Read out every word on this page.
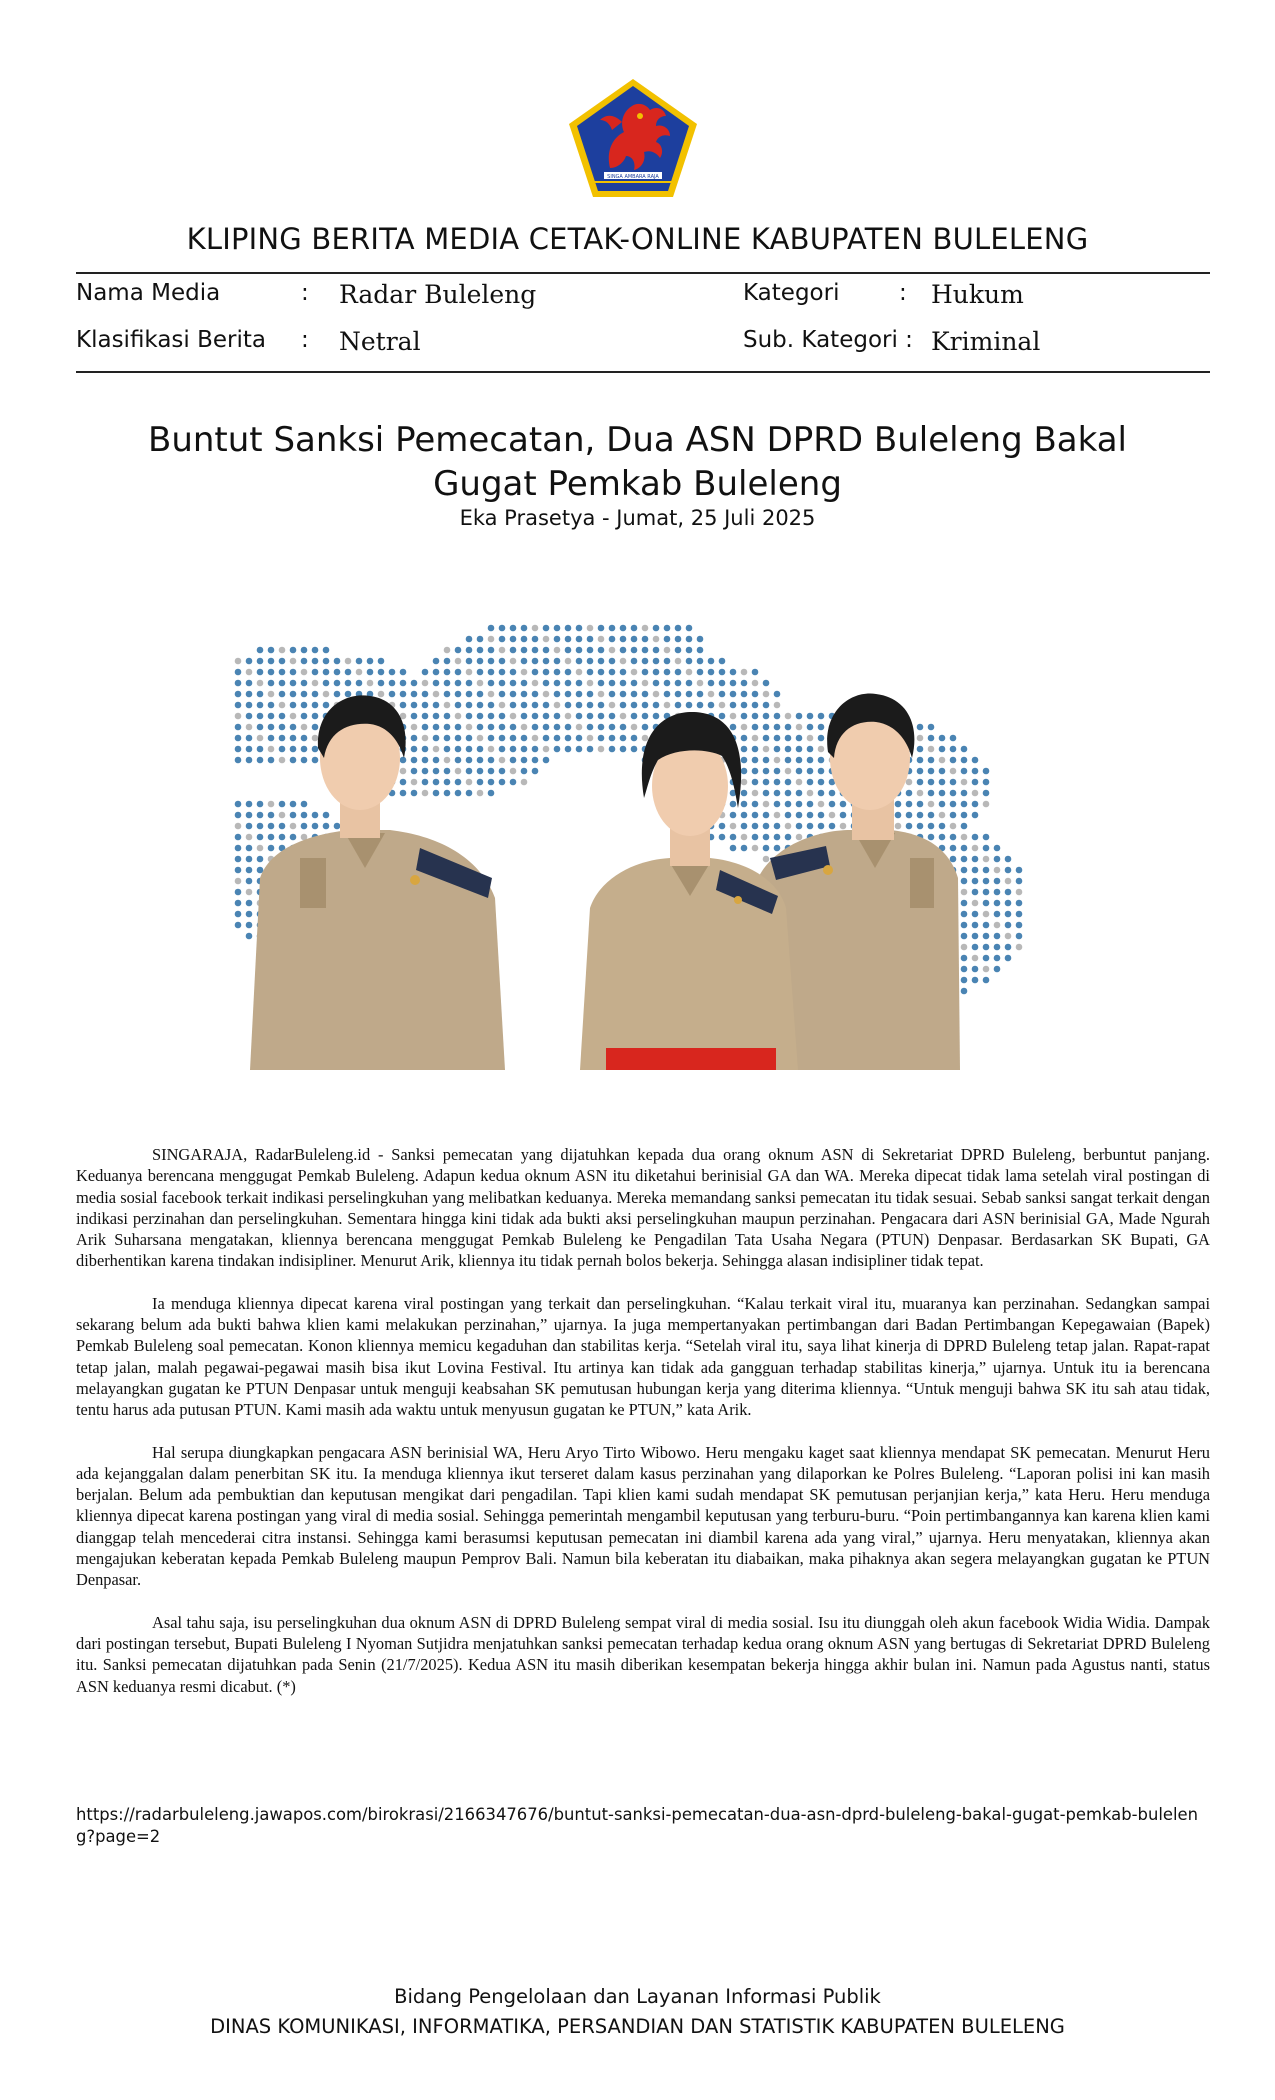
SINGA AMBARA RAJA
KLIPING BERITA MEDIA CETAK-ONLINE KABUPATEN BULELENG
Nama Media	: Radar Buleleng	Kategori	: Hukum
Klasifikasi Berita : Netral	Sub. Kategori : Kriminal
Buntut Sanksi Pemecatan, Dua ASN DPRD Buleleng Bakal
Gugat Pemkab Buleleng
Eka Prasetya - Jumat, 25 Juli 2025

SINGARAJA, RadarBuleleng.id - Sanksi pemecatan yang dijatuhkan kepada dua orang oknum ASN di Sekretariat DPRD Buleleng, berbuntut panjang. Keduanya berencana menggugat Pemkab Buleleng. Adapun kedua oknum ASN itu diketahui berinisial GA dan WA. Mereka dipecat tidak lama setelah viral postingan di media sosial facebook terkait indikasi perselingkuhan yang melibatkan keduanya. Mereka memandang sanksi pemecatan itu tidak sesuai. Sebab sanksi sangat terkait dengan indikasi perzinahan dan perselingkuhan. Sementara hingga kini tidak ada bukti aksi perselingkuhan maupun perzinahan. Pengacara dari ASN berinisial GA, Made Ngurah Arik Suharsana mengatakan, kliennya berencana menggugat Pemkab Buleleng ke Pengadilan Tata Usaha Negara (PTUN) Denpasar. Berdasarkan SK Bupati, GA diberhentikan karena tindakan indisipliner. Menurut Arik, kliennya itu tidak pernah bolos bekerja. Sehingga alasan indisipliner tidak tepat.

Ia menduga kliennya dipecat karena viral postingan yang terkait dan perselingkuhan. “Kalau terkait viral itu, muaranya kan perzinahan. Sedangkan sampai sekarang belum ada bukti bahwa klien kami melakukan perzinahan,” ujarnya. Ia juga mempertanyakan pertimbangan dari Badan Pertimbangan Kepegawaian (Bapek) Pemkab Buleleng soal pemecatan. Konon kliennya memicu kegaduhan dan stabilitas kerja. “Setelah viral itu, saya lihat kinerja di DPRD Buleleng tetap jalan. Rapat-rapat tetap jalan, malah pegawai-pegawai masih bisa ikut Lovina Festival. Itu artinya kan tidak ada gangguan terhadap stabilitas kinerja,” ujarnya. Untuk itu ia berencana melayangkan gugatan ke PTUN Denpasar untuk menguji keabsahan SK pemutusan hubungan kerja yang diterima kliennya. “Untuk menguji bahwa SK itu sah atau tidak, tentu harus ada putusan PTUN. Kami masih ada waktu untuk menyusun gugatan ke PTUN,” kata Arik.

Hal serupa diungkapkan pengacara ASN berinisial WA, Heru Aryo Tirto Wibowo. Heru mengaku kaget saat kliennya mendapat SK pemecatan. Menurut Heru ada kejanggalan dalam penerbitan SK itu. Ia menduga kliennya ikut terseret dalam kasus perzinahan yang dilaporkan ke Polres Buleleng. “Laporan polisi ini kan masih berjalan. Belum ada pembuktian dan keputusan mengikat dari pengadilan. Tapi klien kami sudah mendapat SK pemutusan perjanjian kerja,” kata Heru. Heru menduga kliennya dipecat karena postingan yang viral di media sosial. Sehingga pemerintah mengambil keputusan yang terburu-buru. “Poin pertimbangannya kan karena klien kami dianggap telah mencederai citra instansi. Sehingga kami berasumsi keputusan pemecatan ini diambil karena ada yang viral,” ujarnya. Heru menyatakan, kliennya akan mengajukan keberatan kepada Pemkab Buleleng maupun Pemprov Bali. Namun bila keberatan itu diabaikan, maka pihaknya akan segera melayangkan gugatan ke PTUN Denpasar.

Asal tahu saja, isu perselingkuhan dua oknum ASN di DPRD Buleleng sempat viral di media sosial. Isu itu diunggah oleh akun facebook Widia Widia. Dampak dari postingan tersebut, Bupati Buleleng I Nyoman Sutjidra menjatuhkan sanksi pemecatan terhadap kedua orang oknum ASN yang bertugas di Sekretariat DPRD Buleleng itu. Sanksi pemecatan dijatuhkan pada Senin (21/7/2025). Kedua ASN itu masih diberikan kesempatan bekerja hingga akhir bulan ini. Namun pada Agustus nanti, status ASN keduanya resmi dicabut. (*)

https://radarbuleleng.jawapos.com/birokrasi/2166347676/buntut-sanksi-pemecatan-dua-asn-dprd-buleleng-bakal-gugat-pemkab-buleleng?page=2
Bidang Pengelolaan dan Layanan Informasi Publik
DINAS KOMUNIKASI, INFORMATIKA, PERSANDIAN DAN STATISTIK KABUPATEN BULELENG
